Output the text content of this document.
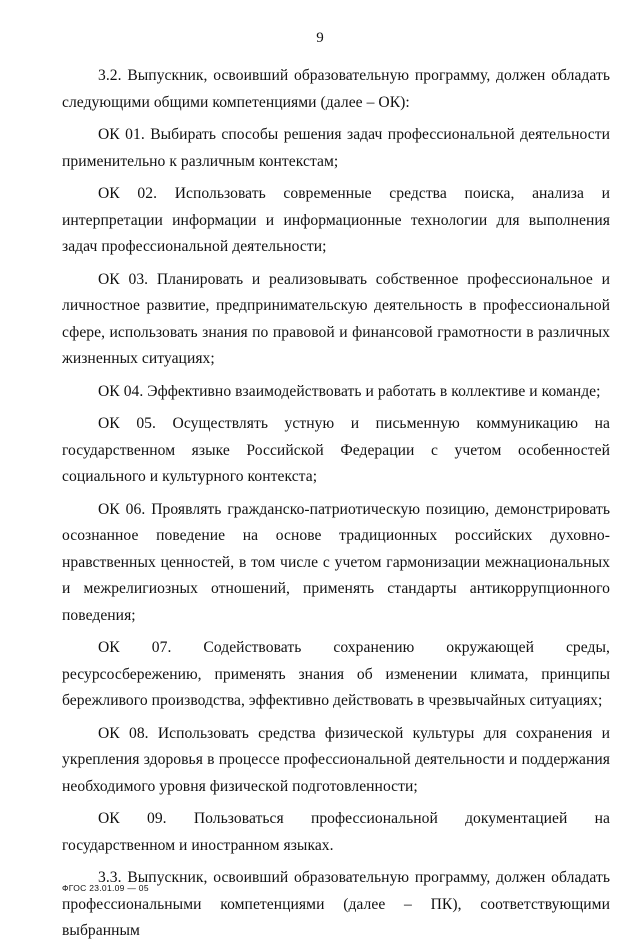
9

3.2. Выпускник, освоивший образовательную программу, должен обладать следующими общими компетенциями (далее – ОК):

ОК 01. Выбирать способы решения задач профессиональной деятельности применительно к различным контекстам;

ОК 02. Использовать современные средства поиска, анализа и интерпретации информации и информационные технологии для выполнения задач профессиональной деятельности;

ОК 03. Планировать и реализовывать собственное профессиональное и личностное развитие, предпринимательскую деятельность в профессиональной сфере, использовать знания по правовой и финансовой грамотности в различных жизненных ситуациях;

ОК 04. Эффективно взаимодействовать и работать в коллективе и команде;

ОК 05. Осуществлять устную и письменную коммуникацию на государственном языке Российской Федерации с учетом особенностей социального и культурного контекста;

ОК 06. Проявлять гражданско-патриотическую позицию, демонстрировать осознанное поведение на основе традиционных российских духовно-нравственных ценностей, в том числе с учетом гармонизации межнациональных и межрелигиозных отношений, применять стандарты антикоррупционного поведения;

ОК 07. Содействовать сохранению окружающей среды, ресурсосбережению, применять знания об изменении климата, принципы бережливого производства, эффективно действовать в чрезвычайных ситуациях;

ОК 08. Использовать средства физической культуры для сохранения и укрепления здоровья в процессе профессиональной деятельности и поддержания необходимого уровня физической подготовленности;

ОК 09. Пользоваться профессиональной документацией на государственном и иностранном языках.

3.3. Выпускник, освоивший образовательную программу, должен обладать профессиональными компетенциями (далее – ПК), соответствующими выбранным

ФГОС 23.01.09 — 05
